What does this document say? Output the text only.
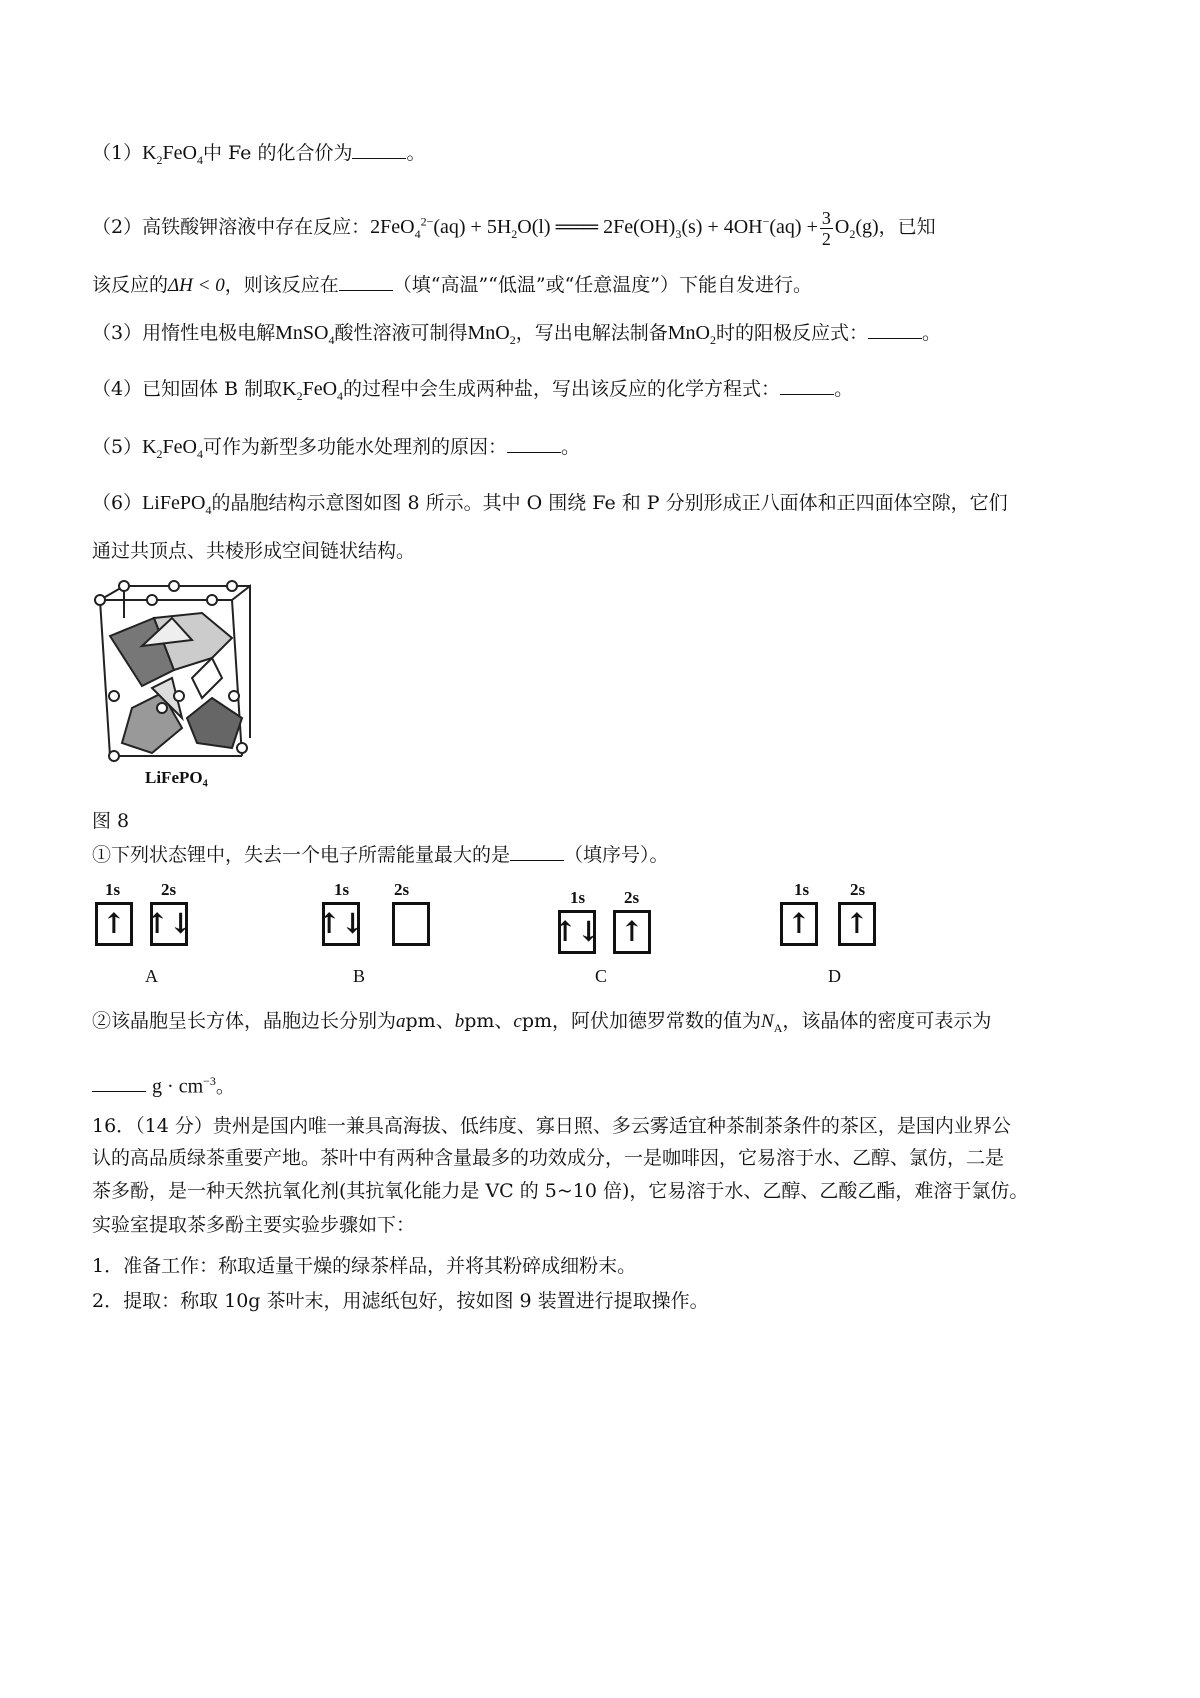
$(1)K_2FeO_4$中 Fe 的化合价为	。
（2）高铁酸钾溶液中存在反应：$2FeO_4^{2-}(aq) + 5H_2O(l)$ ═══ $2Fe(OH)_3(s) + 4OH^-(aq) + \frac{3}{2} O_2(g)$，已知
该反应的ΔH < 0，则该反应在	（填“高温”“低温”或“任意温度”）下能自发进行。
（3）用惰性电极电解MnSO$_4$酸性溶液可制得MnO$_2$，写出电解法制备MnO$_2$时的阳极反应式：	。
（4）已知固体 B 制取$K_2FeO_4$的过程中会生成两种盐，写出该反应的化学方程式：	。
$(5)K_2FeO_4$可作为新型多功能水处理剂的原因：	。
（6）LiFePO$_4$的晶胞结构示意图如图 8 所示。其中 O 围绕 Fe 和 P 分别形成正八面体和正四面体空隙，它们
通过共顶点、共棱形成空间链状结构。
LiFePO₄
图 8
①下列状态锂中，失去一个电子所需能量最大的是	（填序号）。
1s 2s
↑ ↑↓
1s	2s
↑↓
1s 2s
↑↓ ↑
1s 2s
↑ ↑
A	B	C	D
②该晶胞呈长方体，晶胞边长分别为apm、bpm、cpm，阿伏加德罗常数的值为$N_A$，该晶体的密度可表示为
$g \cdot cm^{-3}$。
16．（14 分）贵州是国内唯一兼具高海拔、低纬度、寡日照、多云雾适宜种茶制茶条件的茶区，是国内业界公
认的高品质绿茶重要产地。茶叶中有两种含量最多的功效成分，一是咖啡因，它易溶于水、乙醇、氯仿，二是
茶多酚，是一种天然抗氧化剂(其抗氧化能力是 VC 的 5~10 倍)，它易溶于水、乙醇、乙酸乙酯，难溶于氯仿。
实验室提取茶多酚主要实验步骤如下：
1．准备工作：称取适量干燥的绿茶样品，并将其粉碎成细粉末。
2．提取：称取 10g 茶叶末，用滤纸包好，按如图 9 装置进行提取操作。
